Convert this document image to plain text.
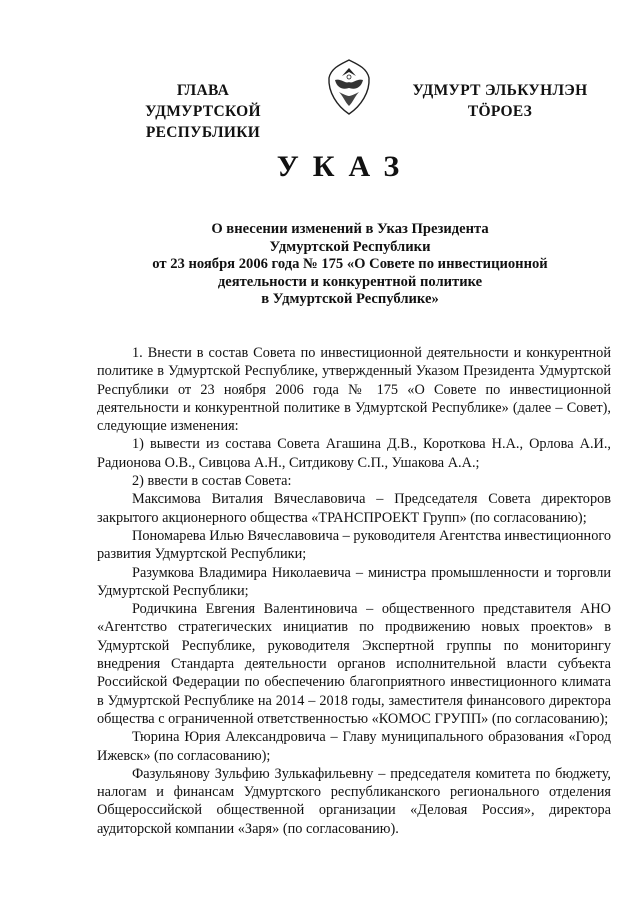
ГЛАВА
УДМУРТСКОЙ РЕСПУБЛИКИ
УДМУРТ ЭЛЬКУНЛЭН
ТӦРОЕЗ
УКАЗ
О внесении изменений в Указ Президента
Удмуртской Республики
от 23 ноября 2006 года № 175 «О Совете по инвестиционной
деятельности и конкурентной политике
в Удмуртской Республике»

1. Внести в состав Совета по инвестиционной деятельности и конкурентной политике в Удмуртской Республике, утвержденный Указом Президента Удмуртской Республики от 23 ноября 2006 года № 175 «О Совете по инвестиционной деятельности и конкурентной политике в Удмуртской Республике» (далее – Совет), следующие изменения:

1) вывести из состава Совета Агашина Д.В., Короткова Н.А., Орлова А.И., Радионова О.В., Сивцова А.Н., Ситдикову С.П., Ушакова А.А.;

2) ввести в состав Совета:

Максимова Виталия Вячеславовича – Председателя Совета директоров закрытого акционерного общества «ТРАНСПРОЕКТ Групп» (по согласованию);

Пономарева Илью Вячеславовича – руководителя Агентства инвестиционного развития Удмуртской Республики;

Разумкова Владимира Николаевича – министра промышленности и торговли Удмуртской Республики;

Родичкина Евгения Валентиновича – общественного представителя АНО «Агентство стратегических инициатив по продвижению новых проектов» в Удмуртской Республике, руководителя Экспертной группы по мониторингу внедрения Стандарта деятельности органов исполнительной власти субъекта Российской Федерации по обеспечению благоприятного инвестиционного климата в Удмуртской Республике на 2014 – 2018 годы, заместителя финансового директора общества с ограниченной ответственностью «КОМОС ГРУПП» (по согласованию);

Тюрина Юрия Александровича – Главу муниципального образования «Город Ижевск» (по согласованию);

Фазульянову Зульфию Зулькафильевну – председателя комитета по бюджету, налогам и финансам Удмуртского республиканского регионального отделения Общероссийской общественной организации «Деловая Россия», директора аудиторской компании «Заря» (по согласованию).
